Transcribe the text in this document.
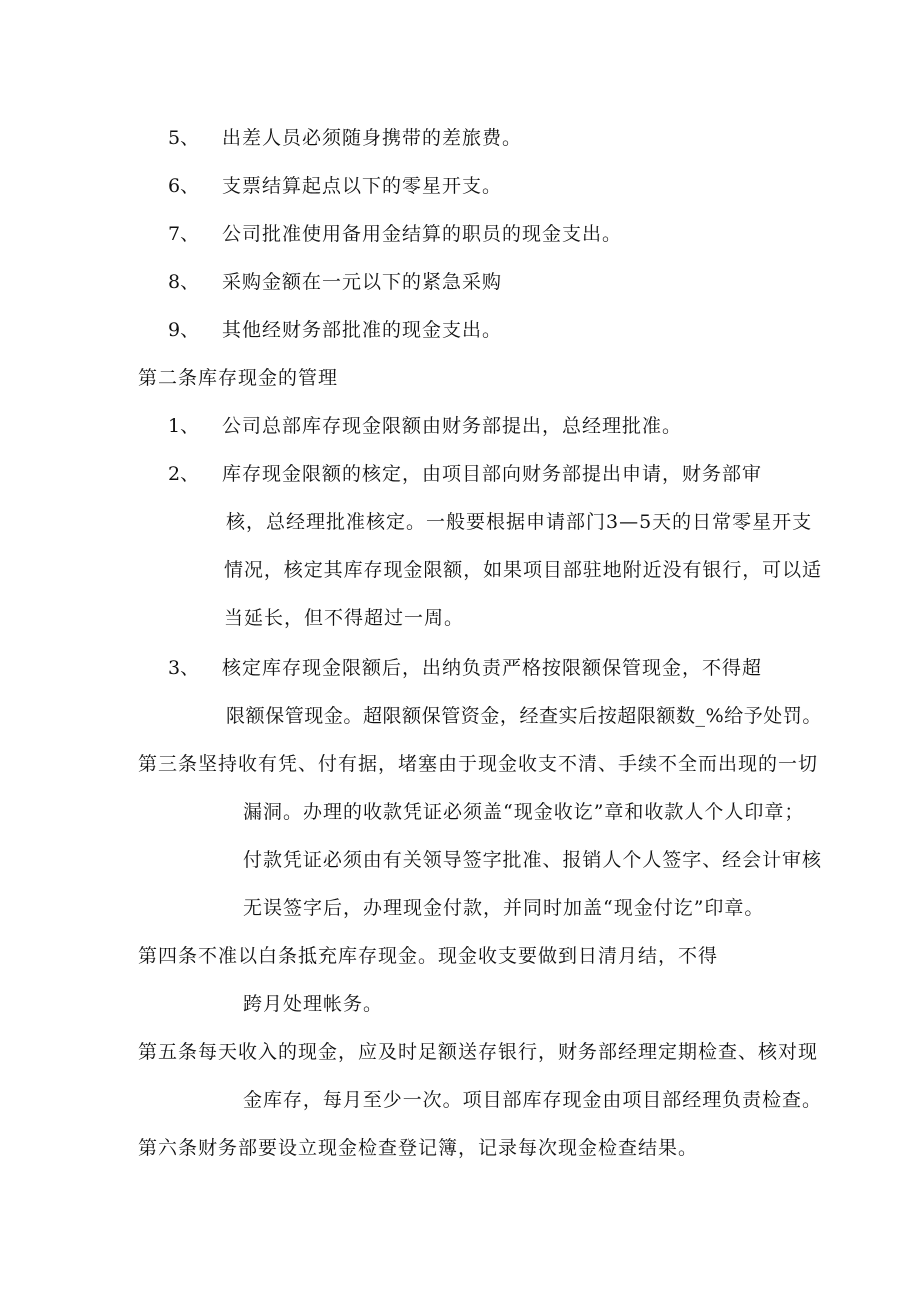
5、 出差人员必须随身携带的差旅费。
6、 支票结算起点以下的零星开支。
7、 公司批准使用备用金结算的职员的现金支出。
8、 采购金额在一元以下的紧急采购
9、 其他经财务部批准的现金支出。
第二条库存现金的管理
1、 公司总部库存现金限额由财务部提出，总经理批准。
2、 库存现金限额的核定，由项目部向财务部提出申请，财务部审
核，总经理批准核定。一般要根据申请部门3—5天的日常零星开支
情况，核定其库存现金限额，如果项目部驻地附近没有银行，可以适
当延长，但不得超过一周。
3、 核定库存现金限额后，出纳负责严格按限额保管现金，不得超
限额保管现金。超限额保管资金，经查实后按超限额数_%给予处罚。
第三条坚持收有凭、付有据，堵塞由于现金收支不清、手续不全而出现的一切
漏洞。办理的收款凭证必须盖“现金收讫”章和收款人个人印章；
付款凭证必须由有关领导签字批准、报销人个人签字、经会计审核
无误签字后，办理现金付款，并同时加盖“现金付讫”印章。
第四条不准以白条抵充库存现金。现金收支要做到日清月结，不得
跨月处理帐务。
第五条每天收入的现金，应及时足额送存银行，财务部经理定期检查、核对现
金库存，每月至少一次。项目部库存现金由项目部经理负责检查。
第六条财务部要设立现金检查登记簿，记录每次现金检查结果。
